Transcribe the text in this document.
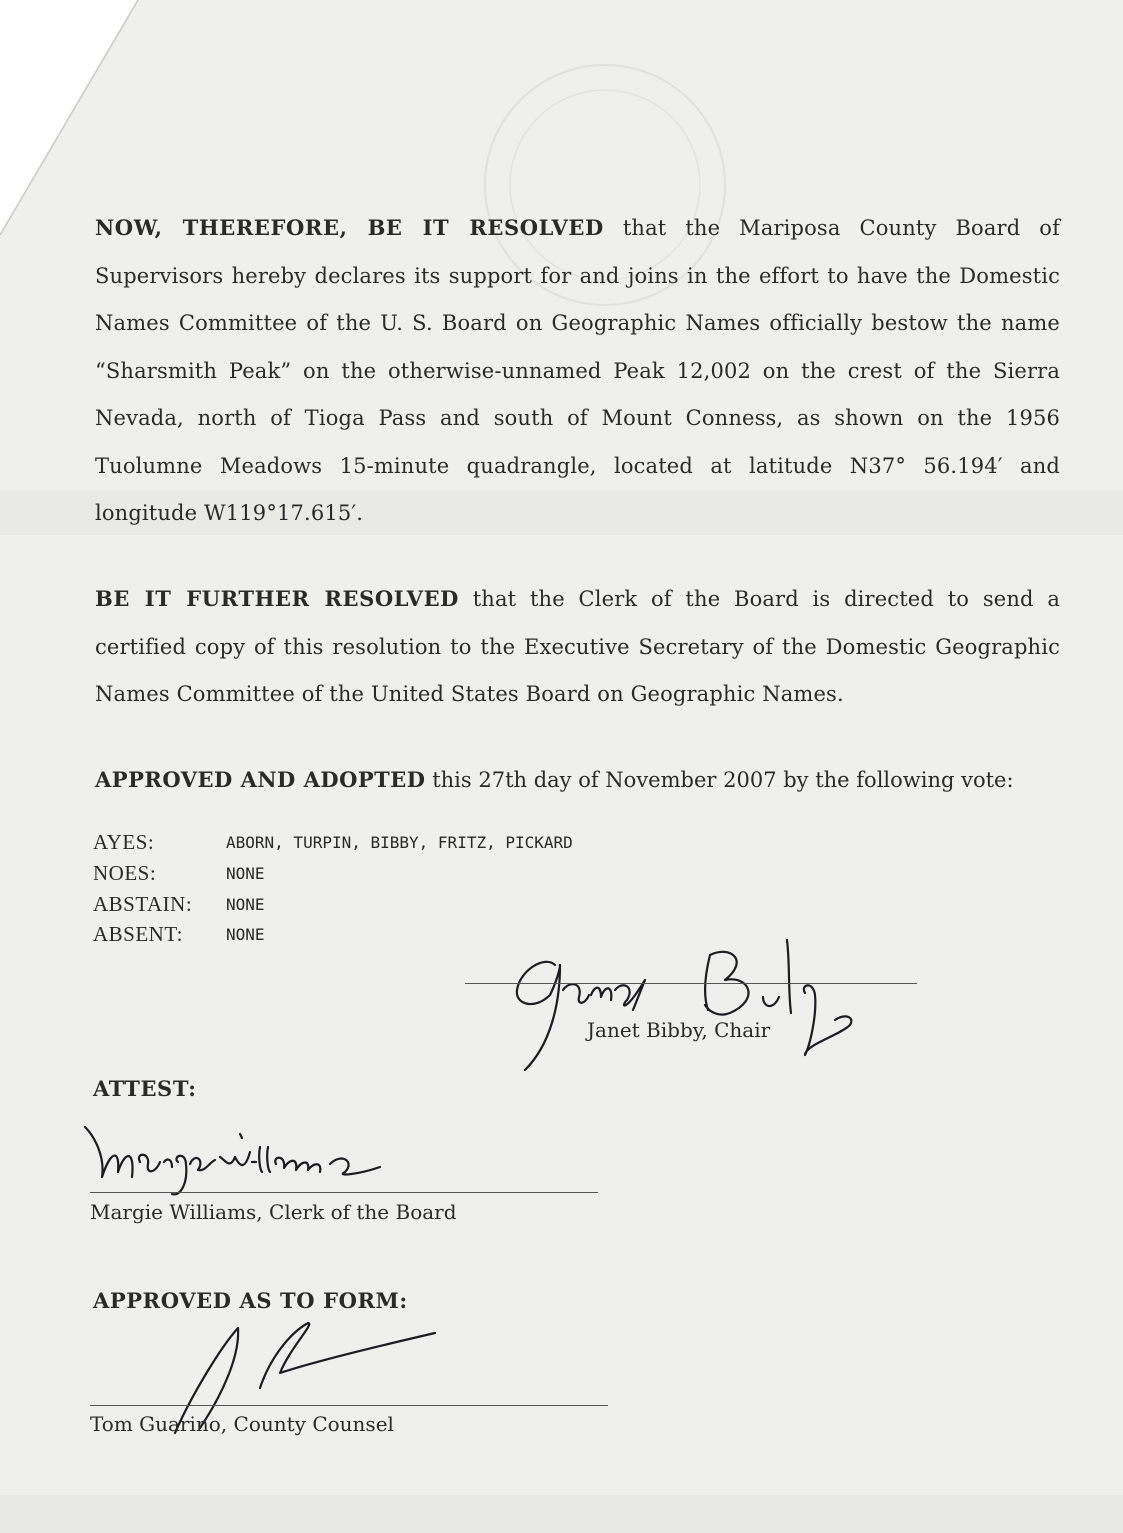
NOW, THEREFORE, BE IT RESOLVED that the Mariposa County Board of Supervisors hereby declares its support for and joins in the effort to have the Domestic Names Committee of the U. S. Board on Geographic Names officially bestow the name “Sharsmith Peak” on the otherwise-unnamed Peak 12,002 on the crest of the Sierra Nevada, north of Tioga Pass and south of Mount Conness, as shown on the 1956 Tuolumne Meadows 15-minute quadrangle, located at latitude N37° 56.194′ and longitude W119°17.615′.

BE IT FURTHER RESOLVED that the Clerk of the Board is directed to send a certified copy of this resolution to the Executive Secretary of the Domestic Geographic Names Committee of the United States Board on Geographic Names.

APPROVED AND ADOPTED this 27th day of November 2007 by the following vote:
AYES:	ABORN, TURPIN, BIBBY, FRITZ, PICKARD
NOES:	NONE
ABSTAIN: NONE
ABSENT:	NONE
Janet Bibby, Chair
ATTEST:
Margie Williams, Clerk of the Board
APPROVED AS TO FORM:
Tom Guarino, County Counsel
